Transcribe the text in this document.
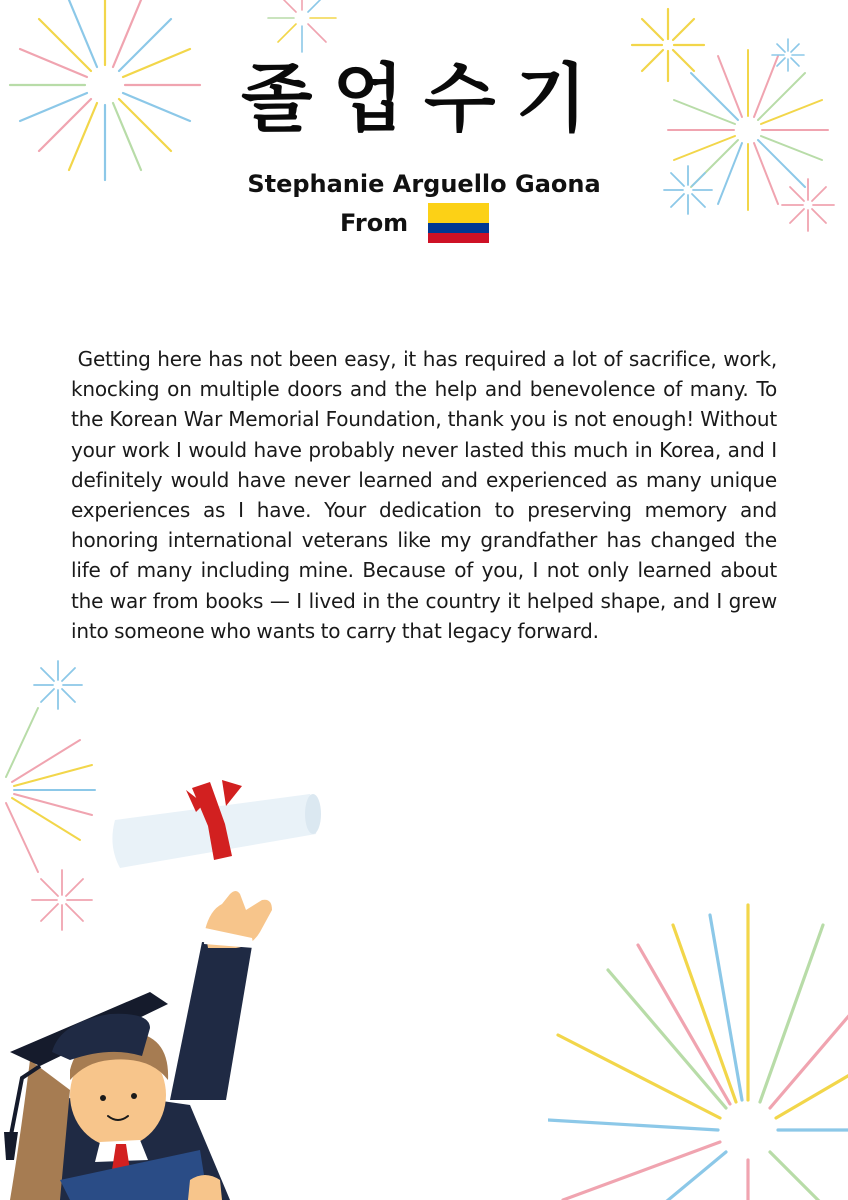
졸업수기

Stephanie Arguello Gaona

From

Getting here has not been easy, it has required a lot of sacrifice, work, knocking on multiple doors and the help and benevolence of many. To the Korean War Memorial Foundation, thank you is not enough! Without your work I would have probably never lasted this much in Korea, and I definitely would have never learned and experienced as many unique experiences as I have. Your dedication to preserving memory and honoring international veterans like my grandfather has changed the life of many including mine. Because of you, I not only learned about the war from books — I lived in the country it helped shape, and I grew into someone who wants to carry that legacy forward.
